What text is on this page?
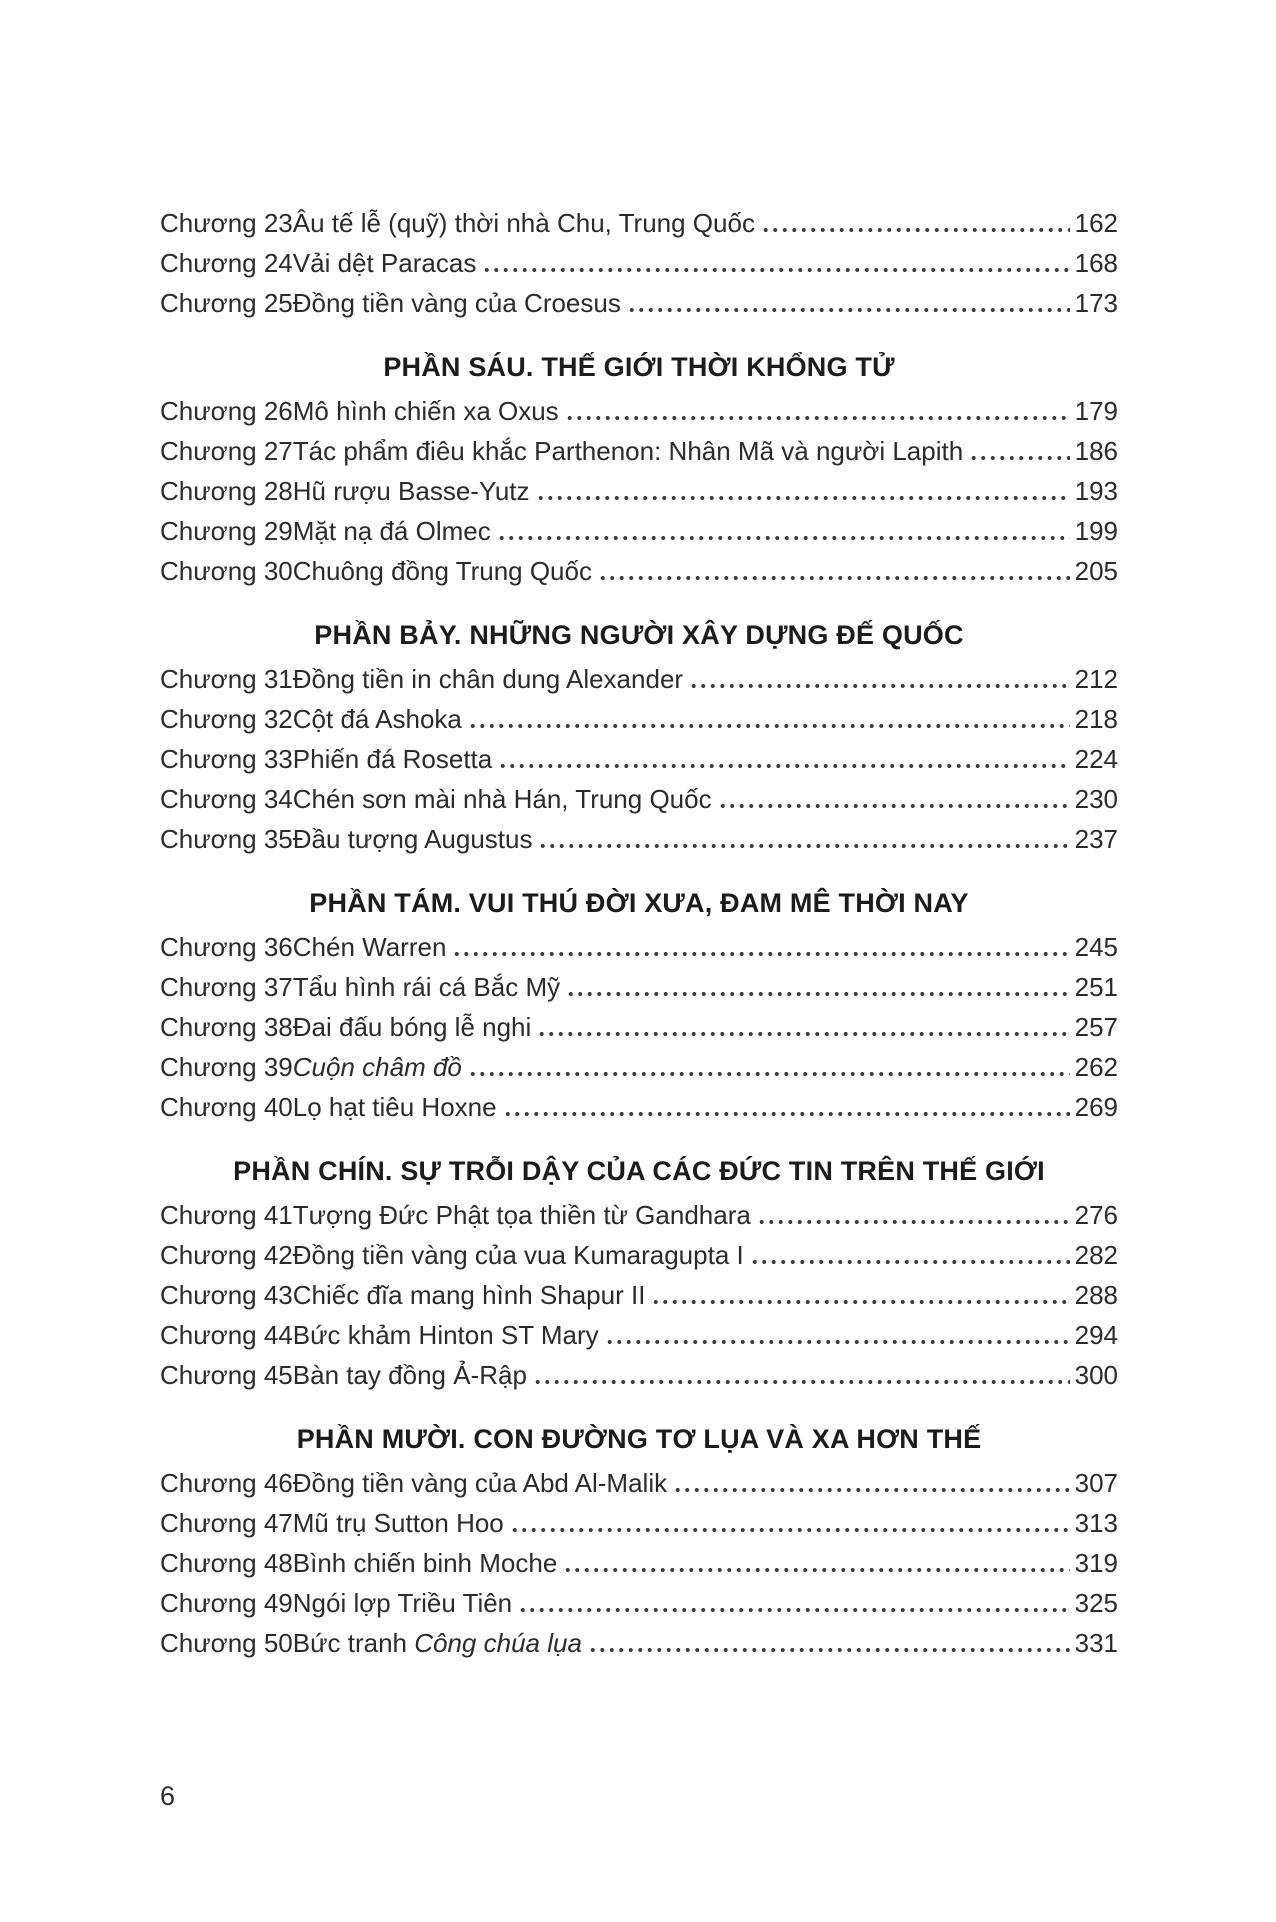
Chương 23 Âu tế lễ (quỹ) thời nhà Chu, Trung Quốc	162
Chương 24 Vải dệt Paracas	168
Chương 25 Đồng tiền vàng của Croesus	173
PHẦN SÁU. THẾ GIỚI THỜI KHỔNG TỬ
Chương 26 Mô hình chiến xa Oxus	179
Chương 27 Tác phẩm điêu khắc Parthenon: Nhân Mã và người Lapith	186
Chương 28 Hũ rượu Basse-Yutz	193
Chương 29 Mặt nạ đá Olmec	199
Chương 30 Chuông đồng Trung Quốc	205
PHẦN BẢY. NHỮNG NGƯỜI XÂY DỰNG ĐẾ QUỐC
Chương 31 Đồng tiền in chân dung Alexander	212
Chương 32 Cột đá Ashoka	218
Chương 33 Phiến đá Rosetta	224
Chương 34 Chén sơn mài nhà Hán, Trung Quốc	230
Chương 35 Đầu tượng Augustus	237
PHẦN TÁM. VUI THÚ ĐỜI XƯA, ĐAM MÊ THỜI NAY
Chương 36 Chén Warren	245
Chương 37 Tẩu hình rái cá Bắc Mỹ	251
Chương 38 Đai đấu bóng lễ nghi	257
Chương 39 Cuộn châm đồ	262
Chương 40 Lọ hạt tiêu Hoxne	269
PHẦN CHÍN. SỰ TRỖI DẬY CỦA CÁC ĐỨC TIN TRÊN THẾ GIỚI
Chương 41 Tượng Đức Phật tọa thiền từ Gandhara	276
Chương 42 Đồng tiền vàng của vua Kumaragupta I	282
Chương 43 Chiếc đĩa mang hình Shapur II	288
Chương 44 Bức khảm Hinton ST Mary	294
Chương 45 Bàn tay đồng Ả-Rập	300
PHẦN MƯỜI. CON ĐƯỜNG TƠ LỤA VÀ XA HƠN THẾ
Chương 46 Đồng tiền vàng của Abd Al-Malik	307
Chương 47 Mũ trụ Sutton Hoo	313
Chương 48 Bình chiến binh Moche	319
Chương 49 Ngói lợp Triều Tiên	325
Chương 50 Bức tranh Công chúa lụa	331
6
